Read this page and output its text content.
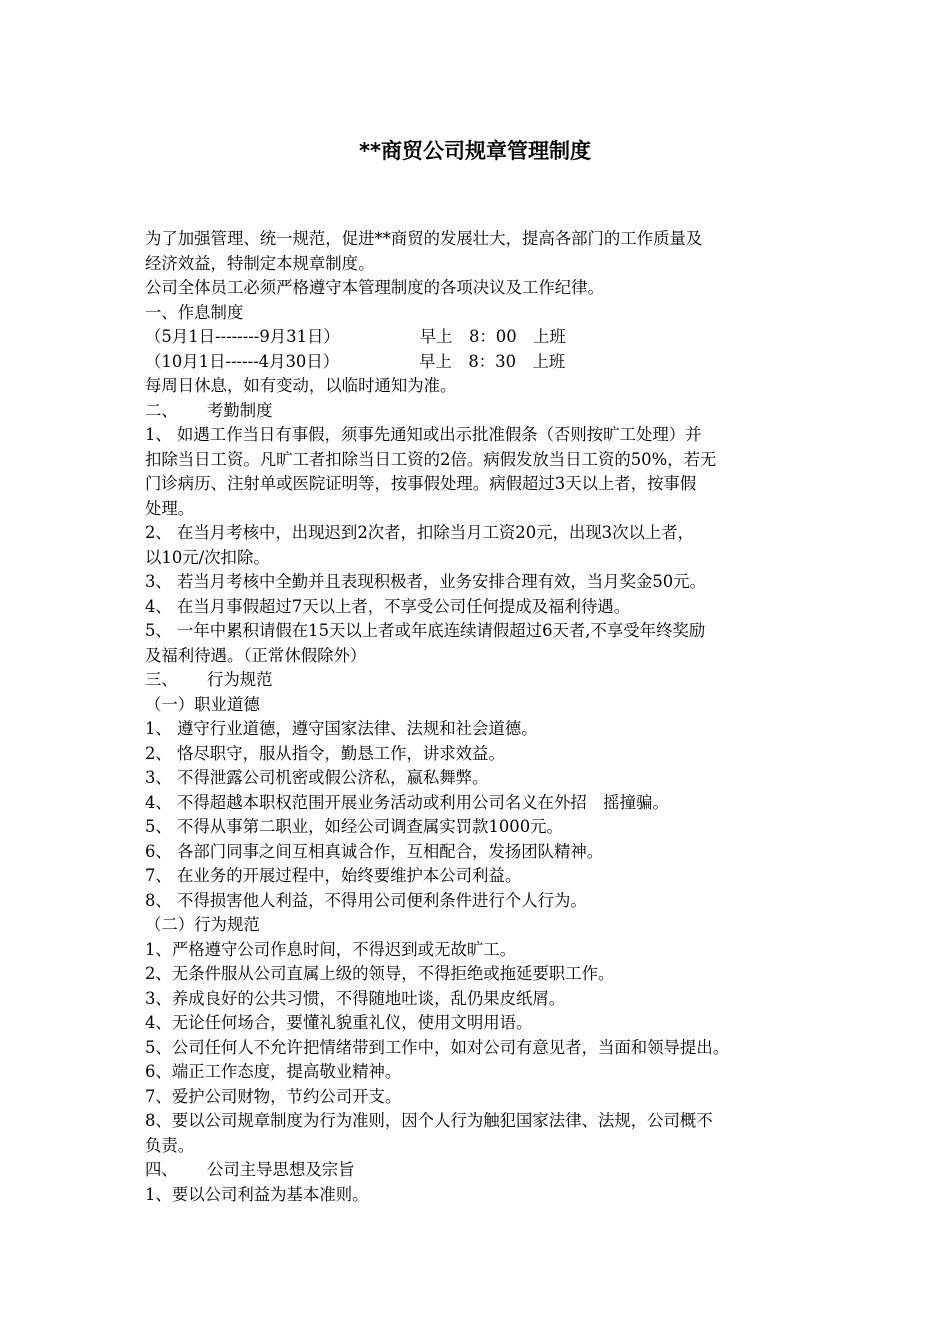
**商贸公司规章管理制度
为了加强管理、统一规范，促进**商贸的发展壮大，提高各部门的工作质量及
经济效益，特制定本规章制度。
公司全体员工必须严格遵守本管理制度的各项决议及工作纪律。
一、作息制度
（5月1日--------9月31日）	早上　8：00　上班
（10月1日------4月30日）	早上　8：30　上班
每周日休息，如有变动，以临时通知为准。
二、 考勤制度
1、 如遇工作当日有事假，须事先通知或出示批准假条（否则按旷工处理）并
扣除当日工资。凡旷工者扣除当日工资的2倍。病假发放当日工资的50%，若无
门诊病历、注射单或医院证明等，按事假处理。病假超过3天以上者，按事假
处理。
2、 在当月考核中，出现迟到2次者，扣除当月工资20元，出现3次以上者，
以10元/次扣除。
3、 若当月考核中全勤并且表现积极者，业务安排合理有效，当月奖金50元。
4、 在当月事假超过7天以上者，不享受公司任何提成及福利待遇。
5、 一年中累积请假在15天以上者或年底连续请假超过6天者,不享受年终奖励
及福利待遇。（正常休假除外）
三、 行为规范
（一）职业道德
1、 遵守行业道德，遵守国家法律、法规和社会道德。
2、 恪尽职守，服从指令，勤恳工作，讲求效益。
3、 不得泄露公司机密或假公济私，嬴私舞弊。
4、 不得超越本职权范围开展业务活动或利用公司名义在外招　摇撞骗。
5、 不得从事第二职业，如经公司调查属实罚款1000元。
6、 各部门同事之间互相真诚合作，互相配合，发扬团队精神。
7、 在业务的开展过程中，始终要维护本公司利益。
8、 不得损害他人利益，不得用公司便利条件进行个人行为。
（二）行为规范
1、严格遵守公司作息时间，不得迟到或无故旷工。
2、无条件服从公司直属上级的领导，不得拒绝或拖延要职工作。
3、养成良好的公共习惯，不得随地吐谈，乱仍果皮纸屑。
4、无论任何场合，要懂礼貌重礼仪，使用文明用语。
5、公司任何人不允许把情绪带到工作中，如对公司有意见者，当面和领导提出。
6、端正工作态度，提高敬业精神。
7、爱护公司财物，节约公司开支。
8、要以公司规章制度为行为准则，因个人行为触犯国家法律、法规，公司概不
负责。
四、 公司主导思想及宗旨
1、要以公司利益为基本准则。
